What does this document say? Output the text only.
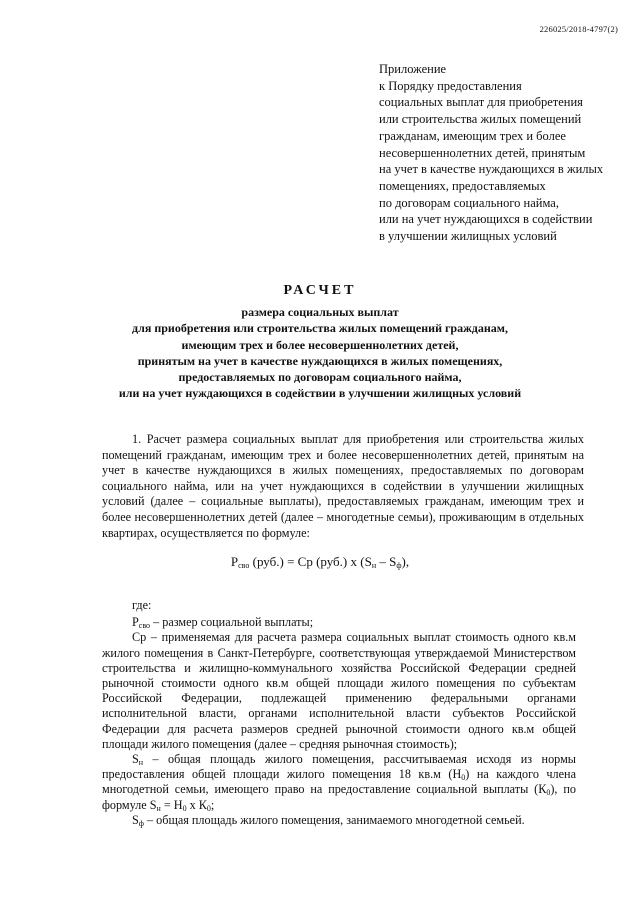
226025/2018-4797(2)
Приложение
к Порядку предоставления
социальных выплат для приобретения
или строительства жилых помещений
гражданам, имеющим трех и более
несовершеннолетних детей, принятым
на учет в качестве нуждающихся в жилых
помещениях, предоставляемых
по договорам социального найма,
или на учет нуждающихся в содействии
в улучшении жилищных условий
РАСЧЕТ
размера социальных выплат
для приобретения или строительства жилых помещений гражданам,
имеющим трех и более несовершеннолетних детей,
принятым на учет в качестве нуждающихся в жилых помещениях,
предоставляемых по договорам социального найма,
или на учет нуждающихся в содействии в улучшении жилищных условий
1. Расчет размера социальных выплат для приобретения или строительства жилых помещений гражданам, имеющим трех и более несовершеннолетних детей, принятым на учет в качестве нуждающихся в жилых помещениях, предоставляемых по договорам социального найма, или на учет нуждающихся в содействии в улучшении жилищных условий (далее – социальные выплаты), предоставляемых гражданам, имеющим трех и более несовершеннолетних детей (далее – многодетные семьи), проживающим в отдельных квартирах, осуществляется по формуле:
$Р_{сво}$ (руб.) = Ср (руб.) х $(S_н - S_ф)$,

где:

$Р_{сво}$ – размер социальной выплаты;

Ср – применяемая для расчета размера социальных выплат стоимость одного кв.м жилого помещения в Санкт-Петербурге, соответствующая утверждаемой Министерством строительства и жилищно-коммунального хозяйства Российской Федерации средней рыночной стоимости одного кв.м общей площади жилого помещения по субъектам Российской Федерации, подлежащей применению федеральными органами исполнительной власти, органами исполнительной власти субъектов Российской Федерации для расчета размеров средней рыночной стоимости одного кв.м общей площади жилого помещения (далее – средняя рыночная стоимость);

$S_н$ – общая площадь жилого помещения, рассчитываемая исходя из нормы предоставления общей площади жилого помещения 18 кв.м $(Н_0)$ на каждого члена многодетной семьи, имеющего право на предоставление социальной выплаты $(К_0)$, по формуле $S_н = Н_0$ х $К_0$;

$S_ф$ – общая площадь жилого помещения, занимаемого многодетной семьей.
